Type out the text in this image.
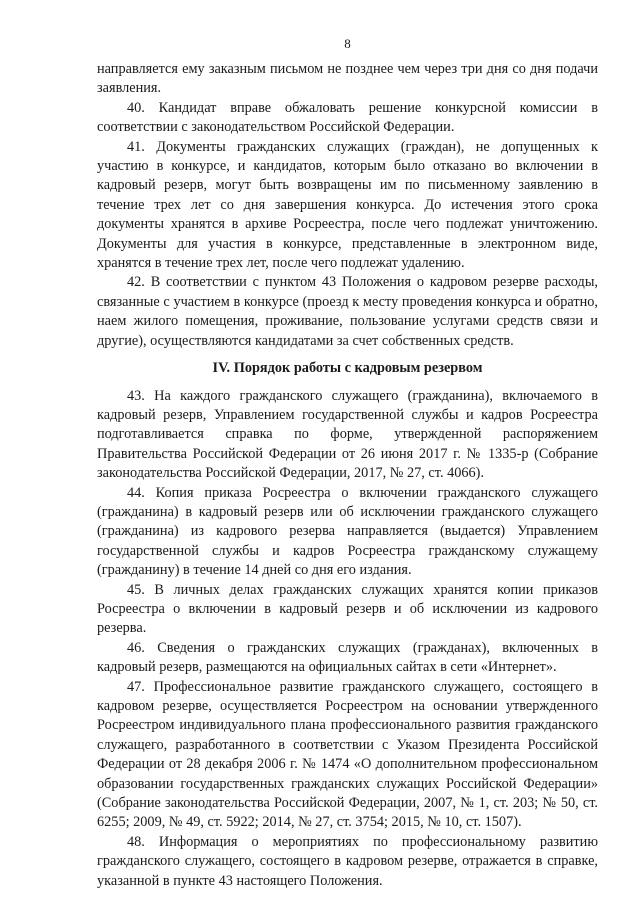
8

направляется ему заказным письмом не позднее чем через три дня со дня подачи заявления.

40. Кандидат вправе обжаловать решение конкурсной комиссии в соответствии с законодательством Российской Федерации.

41. Документы гражданских служащих (граждан), не допущенных к участию в конкурсе, и кандидатов, которым было отказано во включении в кадровый резерв, могут быть возвращены им по письменному заявлению в течение трех лет со дня завершения конкурса. До истечения этого срока документы хранятся в архиве Росреестра, после чего подлежат уничтожению. Документы для участия в конкурсе, представленные в электронном виде, хранятся в течение трех лет, после чего подлежат удалению.

42. В соответствии с пунктом 43 Положения о кадровом резерве расходы, связанные с участием в конкурсе (проезд к месту проведения конкурса и обратно, наем жилого помещения, проживание, пользование услугами средств связи и другие), осуществляются кандидатами за счет собственных средств.

IV. Порядок работы с кадровым резервом

43. На каждого гражданского служащего (гражданина), включаемого в кадровый резерв, Управлением государственной службы и кадров Росреестра подготавливается справка по форме, утвержденной распоряжением Правительства Российской Федерации от 26 июня 2017 г. № 1335-р (Собрание законодательства Российской Федерации, 2017, № 27, ст. 4066).

44. Копия приказа Росреестра о включении гражданского служащего (гражданина) в кадровый резерв или об исключении гражданского служащего (гражданина) из кадрового резерва направляется (выдается) Управлением государственной службы и кадров Росреестра гражданскому служащему (гражданину) в течение 14 дней со дня его издания.

45. В личных делах гражданских служащих хранятся копии приказов Росреестра о включении в кадровый резерв и об исключении из кадрового резерва.

46. Сведения о гражданских служащих (гражданах), включенных в кадровый резерв, размещаются на официальных сайтах в сети «Интернет».

47. Профессиональное развитие гражданского служащего, состоящего в кадровом резерве, осуществляется Росреестром на основании утвержденного Росреестром индивидуального плана профессионального развития гражданского служащего, разработанного в соответствии с Указом Президента Российской Федерации от 28 декабря 2006 г. № 1474 «О дополнительном профессиональном образовании государственных гражданских служащих Российской Федерации» (Собрание законодательства Российской Федерации, 2007, № 1, ст. 203; № 50, ст. 6255; 2009, № 49, ст. 5922; 2014, № 27, ст. 3754; 2015, № 10, ст. 1507).

48. Информация о мероприятиях по профессиональному развитию гражданского служащего, состоящего в кадровом резерве, отражается в справке, указанной в пункте 43 настоящего Положения.
